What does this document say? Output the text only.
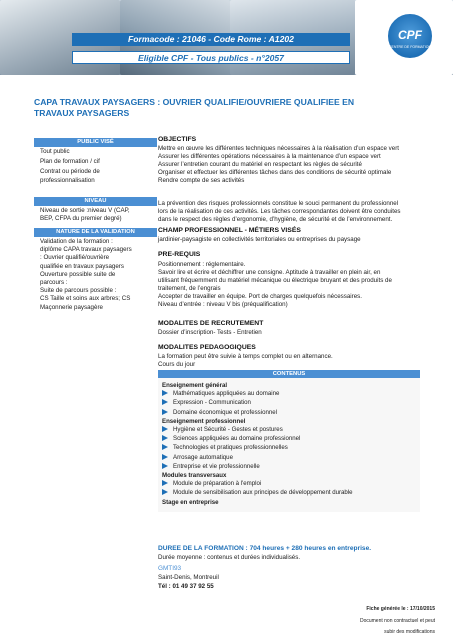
Formacode : 21046 - Code Rome : A1202
Eligible CPF - Tous publics - n°2057
CPF
CENTRE DE FORMATION
CAPA TRAVAUX PAYSAGERS : OUVRIER QUALIFIE/OUVRIERE QUALIFIEE EN
TRAVAUX PAYSAGERS
PUBLIC VISÉ

Tout public

Plan de formation / cif

Contrat ou période de

professionnalisation

NIVEAU

Niveau de sortie :niveau V (CAP,

BEP, CFPA du premier degré)

NATURE DE LA VALIDATION

Validation de la formation :

diplôme CAPA travaux paysagers

: Ouvrier qualifié/ouvrière

qualifiée en travaux paysagers

Ouverture possible suite de

parcours :

Suite de parcours possible :

CS Taille et soins aux arbres; CS

Maçonnerie paysagère

OBJECTIFS

Mettre en œuvre les différentes techniques nécessaires à la réalisation d’un espace vert

Assurer les différentes opérations nécessaires à la maintenance d’un espace vert

Assurer l’entretien courant du matériel en respectant les règles de sécurité

Organiser et effectuer les différentes tâches dans des conditions de sécurité optimale

Rendre compte de ses activités

La prévention des risques professionnels constitue le souci permanent du professionnel

lors de la réalisation de ces activités. Les tâches correspondantes doivent être conduites

dans le respect des règles d’ergonomie, d’hygiène, de sécurité et de l’environnement.

CHAMP PROFESSIONNEL - MÉTIERS VISÉS
jardinier-paysagiste en collectivités territoriales ou entreprises du paysage
PRE-REQUIS

Positionnement : réglementaire.

Savoir lire et écrire et déchiffrer une consigne. Aptitude à travailler en plein air, en

utilisant fréquemment du matériel mécanique ou électrique bruyant et des produits de

traitement, de l’engrais

Accepter de travailler en équipe. Port de charges quelquefois nécessaires.

Niveau d’entrée : niveau V bis (préqualification)

MODALITES DE RECRUTEMENT
Dossier d’inscription- Tests - Entretien
MODALITES PEDAGOGIQUES

La formation peut être suivie à temps complet ou en alternance.

Cours du jour

CONTENUS
Enseignement général
Mathématiques appliquées au domaine
Expression - Communication
Domaine économique et professionnel
Enseignement professionnel
Hygiène et Sécurité - Gestes et postures
Sciences appliquées au domaine professionnel
Technologies et pratiques professionnelles
Arrosage automatique
Entreprise et vie professionnelle
Modules transversaux
Module de préparation à l'emploi
Module de sensibilisation aux principes de développement durable
Stage en entreprise
DUREE DE LA FORMATION : 704 heures + 280 heures en entreprise.
Durée moyenne : contenus et durées individualisés.
GMTI93
Saint-Denis, Montreuil
Tél : 01 49 37 92 55
Fiche générée le : 17/10/2015
Document non contractuel et peut
subir des modifications
